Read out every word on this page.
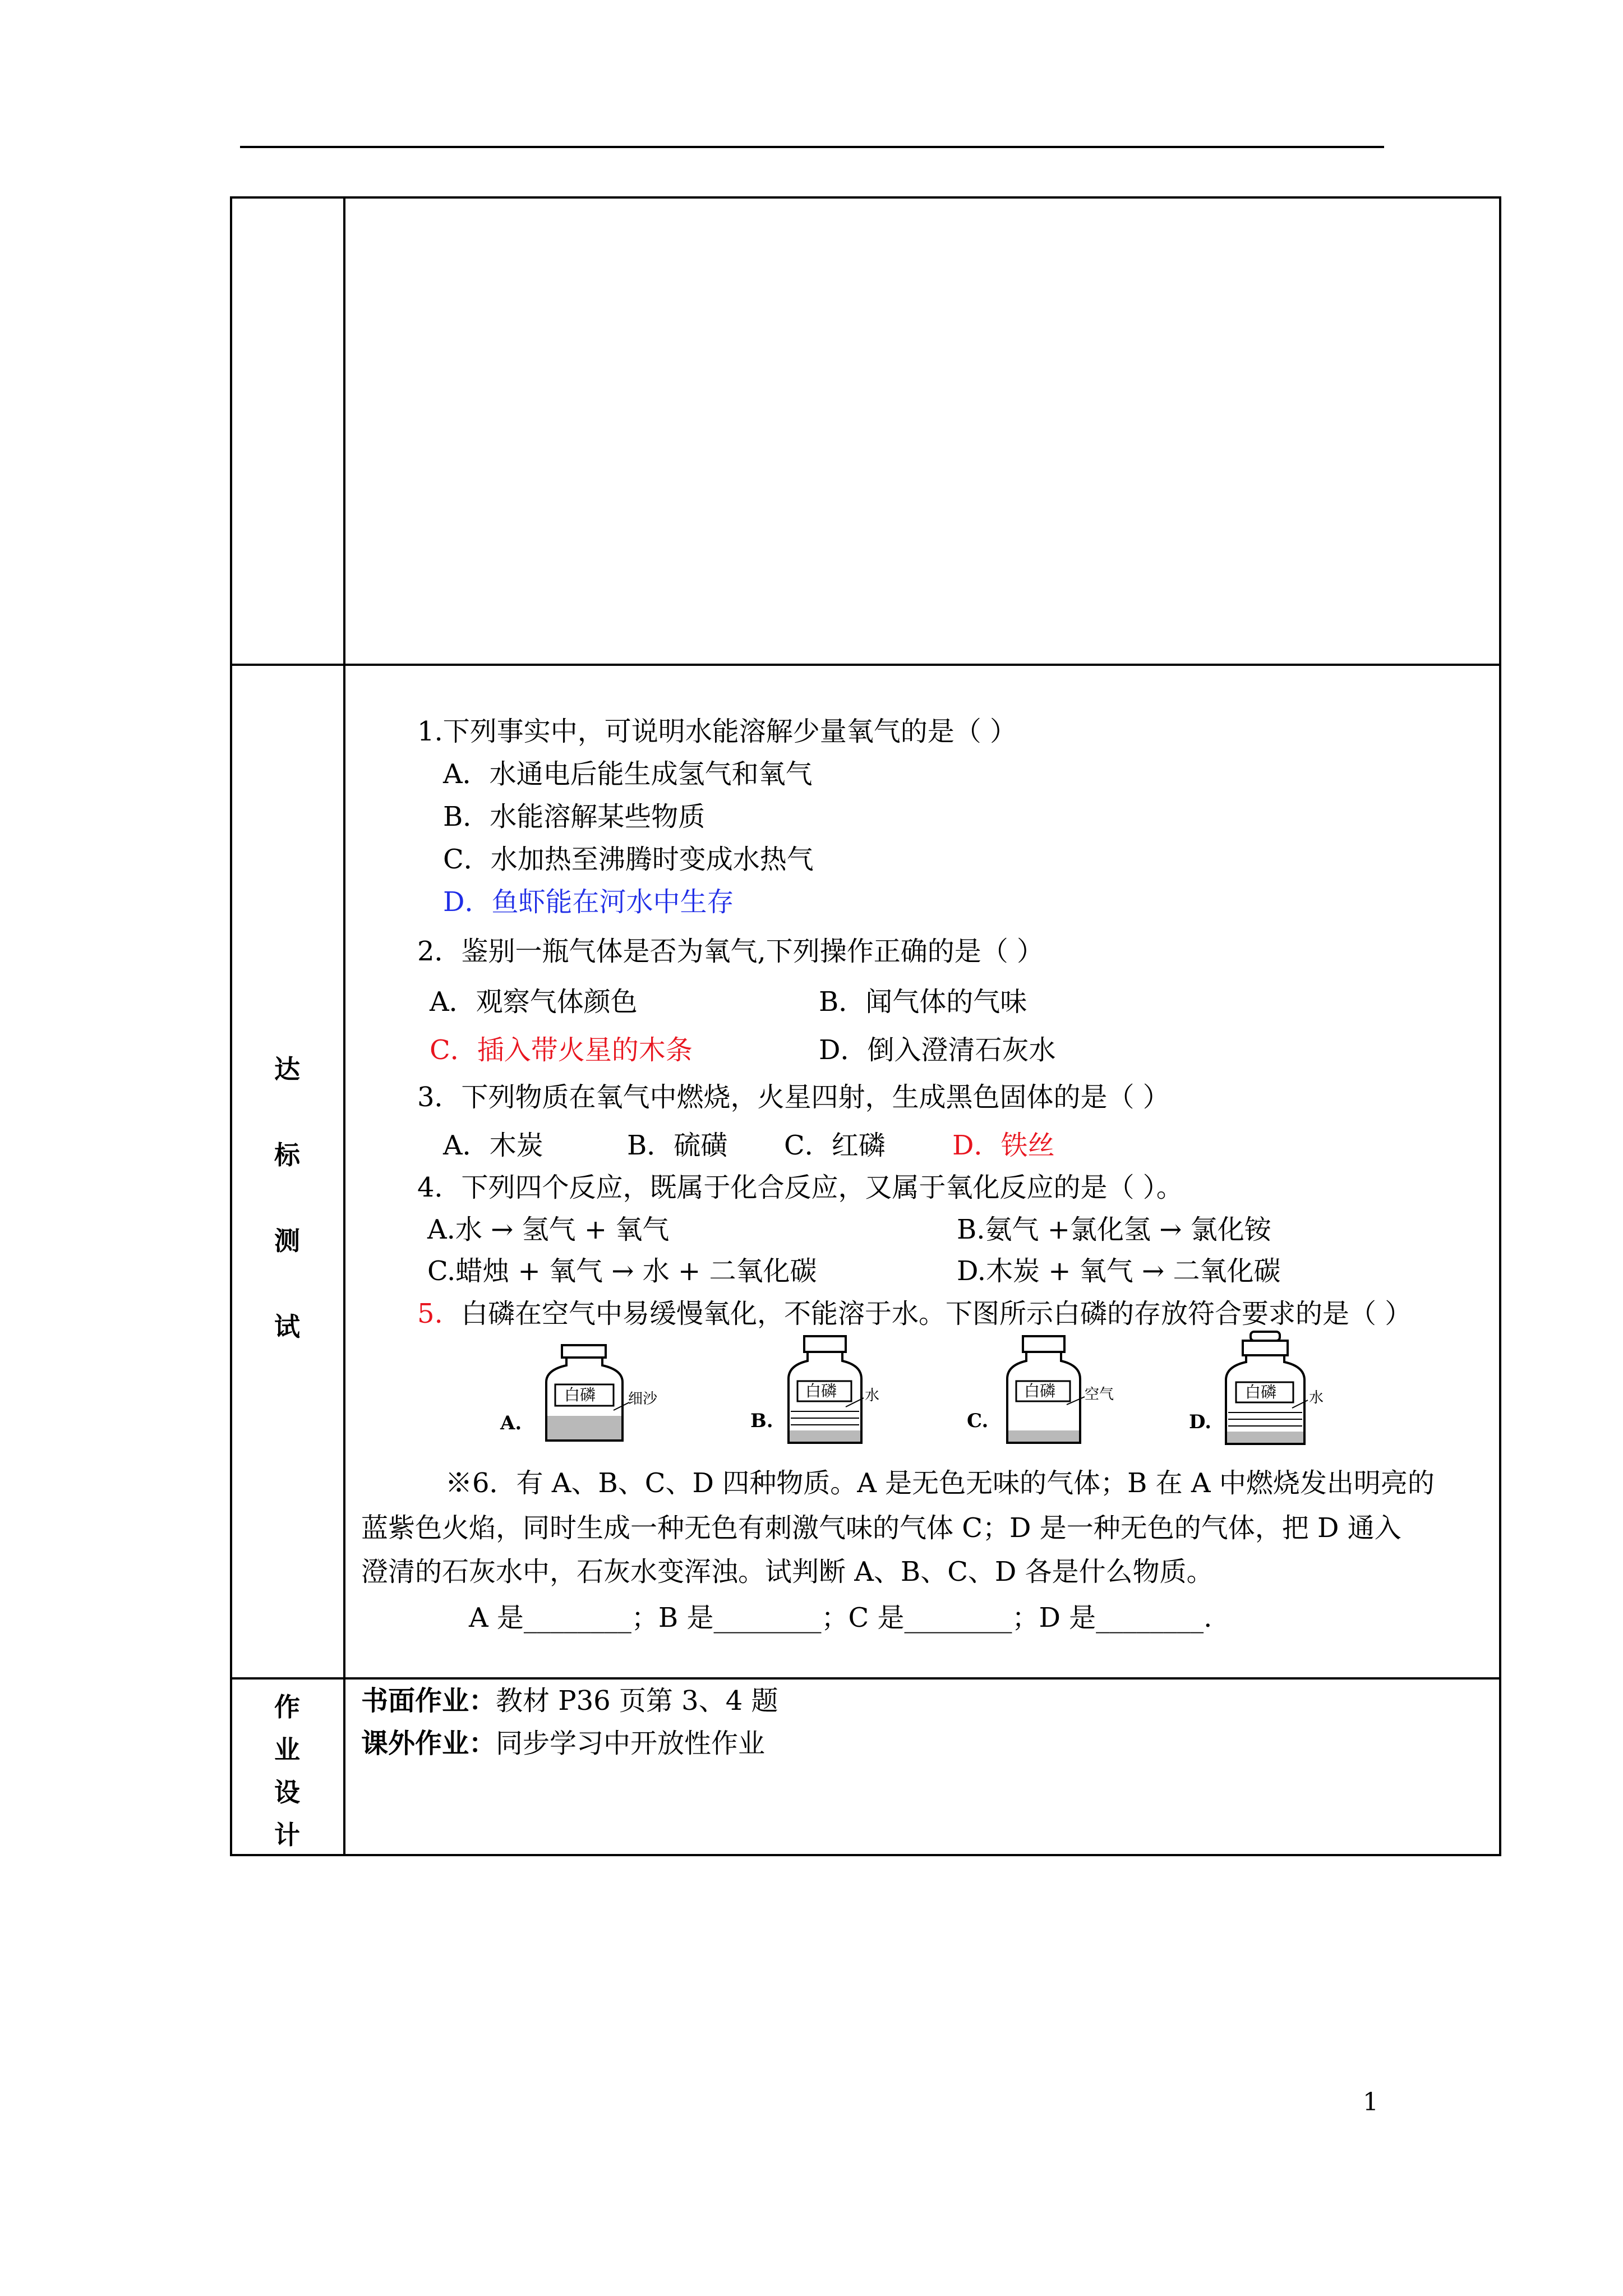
达
标
测
试
作
业
设
计
1.下列事实中，可说明水能溶解少量氧气的是（ ）
A．水通电后能生成氢气和氧气
B．水能溶解某些物质
C．水加热至沸腾时变成水热气
D．鱼虾能在河水中生存
2．鉴别一瓶气体是否为氧气,下列操作正确的是（ ）
A．观察气体颜色	B．闻气体的气味
C．插入带火星的木条	D．倒入澄清石灰水
3．下列物质在氧气中燃烧，火星四射，生成黑色固体的是（ ）
A．木炭	B．硫磺 C．红磷 D．铁丝
4．下列四个反应，既属于化合反应，又属于氧化反应的是（ ）。
A.水 → 氢气 + 氧气	B.氨气 +氯化氢 → 氯化铵
C.蜡烛 + 氧气 → 水 + 二氧化碳	D.木炭 + 氧气 → 二氧化碳
5. 白磷在空气中易缓慢氧化，不能溶于水。下图所示白磷的存放符合要求的是（ ）
A.
白磷 细沙
B.
白磷 水
C.
白磷 空气
D.
白磷 水
※6．有 A、B、C、D 四种物质。A 是无色无味的气体；B 在 A 中燃烧发出明亮的
蓝紫色火焰，同时生成一种无色有刺激气味的气体 C；D 是一种无色的气体，把 D 通入
澄清的石灰水中，石灰水变浑浊。试判断 A、B、C、D 各是什么物质。
A 是________；B 是________；C 是________；D 是________.
书面作业：教材 P36 页第 3、4 题
课外作业：同步学习中开放性作业
1
